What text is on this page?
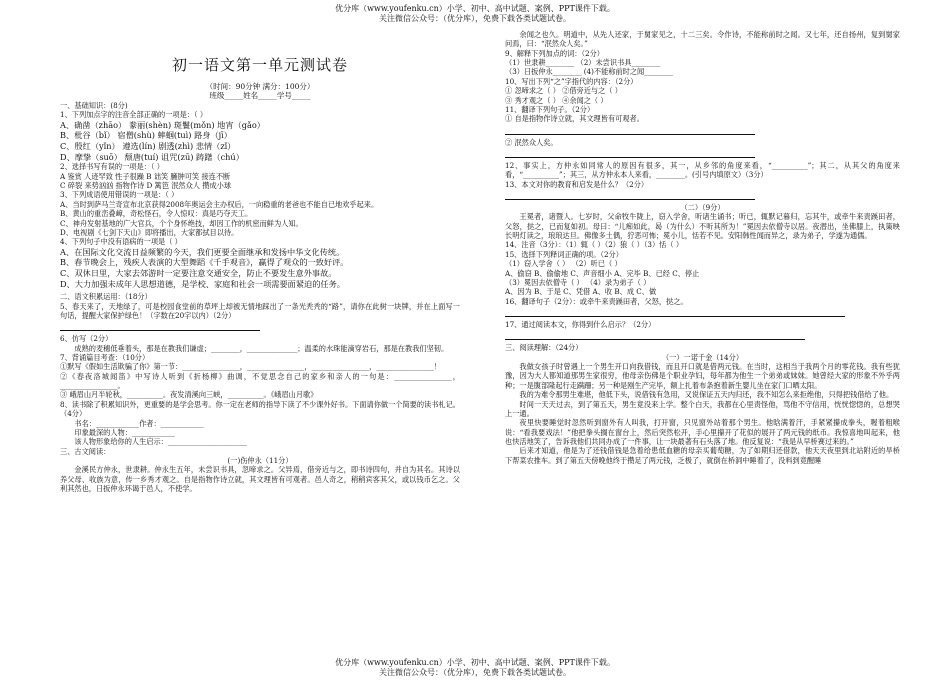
优分库（www.youfenku.cn）小学、初中、高中试题、案例、PPT课件下载。
关注微信公众号：（优分库），免费下载各类试题试卷。
初一语文第一单元测试卷
（时间：90分钟 满分：100分）
班级_____姓名_____学号_____
一、基础知识：(8分)
1、下列加点字的注音全部正确的一项是：（ ）
A、确凿（zhāo） 豢丽(shèn) 斑鬟(mǒn) 地宵（gǎo）
B、枇谷（bǐ） 宿僧(shù) 蟀蝈(tuì) 路身（jī）
C、殷红（yǐn） 遵选(lín) 剧透(zhì) 悲情（zǐ）
D、摩挚（suō） 颓唐(tuí) 诅咒(zū) 踌躇（chú）
2、选择书写有误的一项是：（ ）
A 鉴赏 人迹罕致 性子很躁 B 诎笑 臃肿可笑 接连不断
C 碎裂 来势汹汹 指物作诗 D 篱笆 泯然众人 攒成小球
3、下列成语使用错误的一项是：（ ）
A、当时到萨马兰奇宣布北京获得2008年奥运会主办权后，一向稳重的老爸也不能自已地欢乎起来。
B、黄山的重峦叠嶂，奇松怪石，令人惊叹：真是巧夺天工。
C、神舟发射基地的广大官兵，个个身怀绝技，却因工作的机密而鲜为人知。
D、电视剧《七剑下天山》即将播出，大家都拭目以待。
4、下列句子中没有语病的一项是（ ）
A、在国际文化交流日益频繁的今天，我们更要全面继承和发扬中华文化传统。
B、春节晚会上，残疾人表演的大型舞蹈《千手观音》，赢得了观众的一致好评。
C、双休日里，大家去郊游时一定要注意交通安全，防止不要发生意外事故。
D、大力加强未成年人思想道德，是学校、家庭和社会一项需要面紧迫的任务。
二、语文积累运用：（18分）

5、春天来了，天地绿了，可是校园食堂前的草坪上却被无情地踩出了一条光秃秃的“路”，请你在此树一块牌，并在上面写一句话，提醒大家保护绿色！（字数在20字以内）（2分）

6、仿写（2分）

成熟的麦穗低垂着头，那是在教我们谦虚；________，______________；温柔的水珠能滴穿岩石，那是在教我们坚韧。

7、背诵篇目考查：（10分）

①默写《假如生活欺骗了你》第一节：________________，________________，________________，________________！

②《春夜洛城闻笛》中写诗人听到《折杨柳》曲调，不觉思念自己的家乡和亲人的一句是：________________，________________。

③ 峨眉山月半轮秋，__________。夜发清溪向三峡，__________。《峨眉山月歌》

8、读书除了积累知识外，更重要的是学会思考。你一定在老师的指导下读了不少课外好书。下面请你做一个简要的读书札记。（4分）

书名：____________作者：____________
印象最深的人物：____________
该人物形象给你的人生启示：______________________
三、古文阅读：
(一)伤仲永（11分）

金溪民方仲永，世隶耕。仲永生五年，未尝识书具，忽啼求之。父异焉，借旁近与之，即书诗四句，并自为其名。其诗以养父母、收族为意，传一乡秀才观之。自是指物作诗立就，其文理皆有可观者。邑人奇之，稍稍宾客其父，或以钱币乞之。父利其然也，日扳仲永环谒于邑人，不使学。

余闻之也久。明道中，从先人还家，于舅家见之，十二三矣。令作诗，不能称前时之闻。又七年，还自扬州，复到舅家问焉，曰：“泯然众人矣。”

9、解释下列加点的词：（2分）
（1）世隶耕________ （2）未尝识书具________
（3）日扳仲永________ (4)不能称前时之闻________
10、写出下列“之”字指代的内容：（2分）
① 忽啼求之（ ） ②借旁近与之（ ）
③ 秀才观之（ ） ④余闻之（ ）
11、翻译下列句子。（2分）
① 自是指物作诗立就，其文理皆有可观者。
② 泯然众人矣。

12、事实上，方仲永如同常人的原因有很多，其一，从乡邻的角度来看，“__________”；其二，从其父的角度来看，“__________”；其三，从方仲永本人来看，________。(引号内填原文）（3分）

13、本文对你的教育和启发是什么？（2分）
（二）（9分）

王冕者，诸暨人。七岁时，父命牧牛陇上，窃入学舍，听诸生诵书；听已，辄默记暮归，忘其牛，或牵牛来责蹊田者，父怒，挞之，已而复如初。母曰：“儿痴如此，曷（为什么）不听其所为！”冕因去依僧寺以居。夜潜出，坐佛膝上，执策映长明灯读之，琅琅达旦。佛像多土偶，狞恶可怖；冕小儿，恬若不见。安阳韩性闻而异之，录为弟子，学遂为通儒。

14、注音（3分）：（1）辄（ ）（2）狼（ ）（3）恬（ ）
15、选择下列释词正确的项。（2分）
（1）窃入学舍（ ） （2）听已（ ）
A、偷窃 B、偷偷地 C、声音细小 A、完毕 B、已经 C、停止
（3）冕因去依僧寺（ ） （4）录为弟子（ ）
A、因为 B、于是 C、凭借 A、收 B、成 C、做
16、翻译句子（2分）：或牵牛来责蹊田者，父怒，挞之。
17、通过阅读本文，你得到什么启示？（2分）
三、阅读理解：（24分）
（一）一诺千金（14分）

我做女孩子时曾遇上一个男生开口向我借钱，而且开口就是借两元钱。在当时，这相当于我两个月的零花钱。我有些犹豫，因为大人都知道那男生家很穷，他母亲伤佛是个职业孕妇，每年都为他生一个弟弟或妹妹。她曾经大家的形象不外乎两种；一是腹部隆起行走蹒跚；另一种是刚生产完毕，额上扎着布条抱着新生婴儿坐在家门口晒太阳。

我的为难令那男生难堪，他低下头，说借钱有急用，又说保证五天内归还，我不知怎么来拒绝他，只得把钱借给了他。

时间一天天过去，到了第五天，男生竟没来上学。整个白天，我都在心里责怪他，骂他不守信用，恍恍惚惚的，总想哭上一通。

夜里快要睡觉时忽然听到窗外有人叫我，打开窗，只见窗外站着那个男生。他晗满着汗，手紧紧攥成拳头，喔着粗喉说：“看我要戏法！”他把拳头搁在窗台上，然后突然松开，手心里攥开了花似的展开了两元钱的纸币。我惊喜地叫起来，他也快活地笑了，告诉我他们共同办成了一件事，让一块最著有石头落了地。他反复说：“我是从早桥赛过来的。”

后来才知道，他是为了还钱借钱是急着给患低血糖的母亲买葡萄糖，为了如期归还借款，他天天夜里到北站附近的旱桥下帮菜农推车。到了第五天傍晚他终于攒足了两元钱，乏极了，就倒在桥洞中睡着了，没料到竟醒睡

优分库（www.youfenku.cn）小学、初中、高中试题、案例、PPT课件下载。
关注微信公众号：（优分库），免费下载各类试题试卷。
